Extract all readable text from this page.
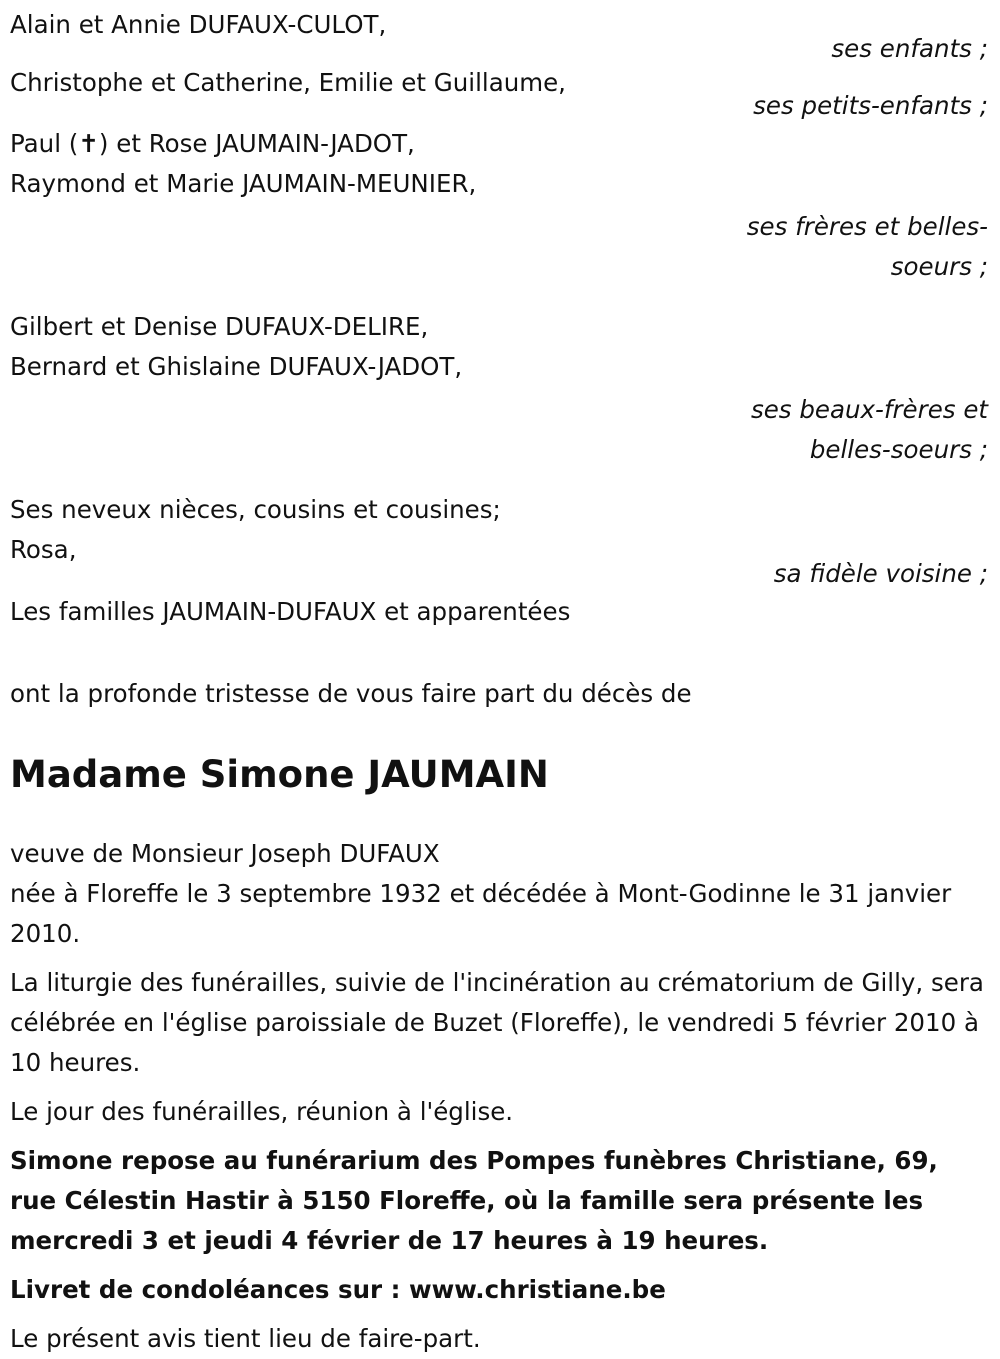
Alain et Annie DUFAUX-CULOT,
ses enfants ;
Christophe et Catherine, Emilie et Guillaume,
ses petits-enfants ;
Paul (✝) et Rose JAUMAIN-JADOT,
Raymond et Marie JAUMAIN-MEUNIER,
ses frères et belles-soeurs ;
Gilbert et Denise DUFAUX-DELIRE,
Bernard et Ghislaine DUFAUX-JADOT,
ses beaux-frères et belles-soeurs ;
Ses neveux nièces, cousins et cousines;
Rosa,
sa fidèle voisine ;
Les familles JAUMAIN-DUFAUX et apparentées
ont la profonde tristesse de vous faire part du décès de
Madame Simone JAUMAIN
veuve de Monsieur Joseph DUFAUX
née à Floreffe le 3 septembre 1932 et décédée à Mont-Godinne le 31 janvier 2010.
La liturgie des funérailles, suivie de l'incinération au crématorium de Gilly, sera célébrée en l'église paroissiale de Buzet (Floreffe), le vendredi 5 février 2010 à 10 heures.
Le jour des funérailles, réunion à l'église.
Simone repose au funérarium des Pompes funèbres Christiane, 69, rue Célestin Hastir à 5150 Floreffe, où la famille sera présente les mercredi 3 et jeudi 4 février de 17 heures à 19 heures.
Livret de condoléances sur : www.christiane.be
Le présent avis tient lieu de faire-part.
